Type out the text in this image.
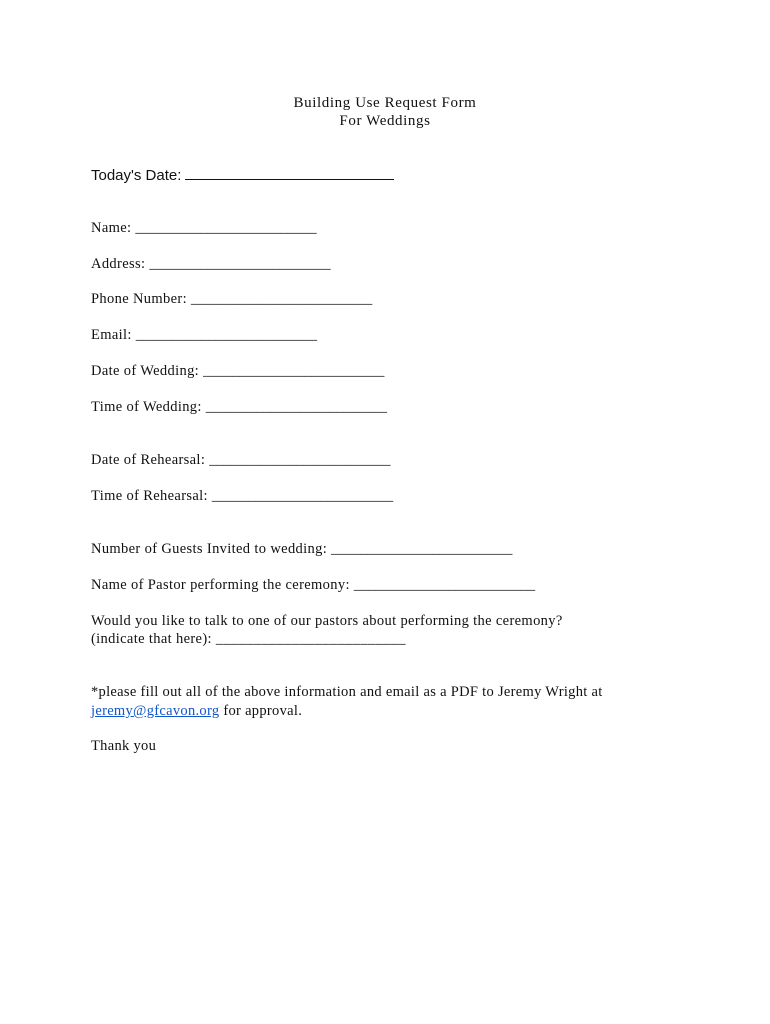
Building Use Request Form
For Weddings
Today's Date:
Name: _________________________
Address: _________________________
Phone Number: _________________________
Email: _________________________
Date of Wedding: _________________________
Time of Wedding: _________________________
Date of Rehearsal: _________________________
Time of Rehearsal: _________________________
Number of Guests Invited to wedding: _________________________
Name of Pastor performing the ceremony: _________________________
Would you like to talk to one of our pastors about performing the ceremony?
(indicate that here): _________________________
*please fill out all of the above information and email as a PDF to Jeremy Wright at
jeremy@gfcavon.org for approval.
Thank you
